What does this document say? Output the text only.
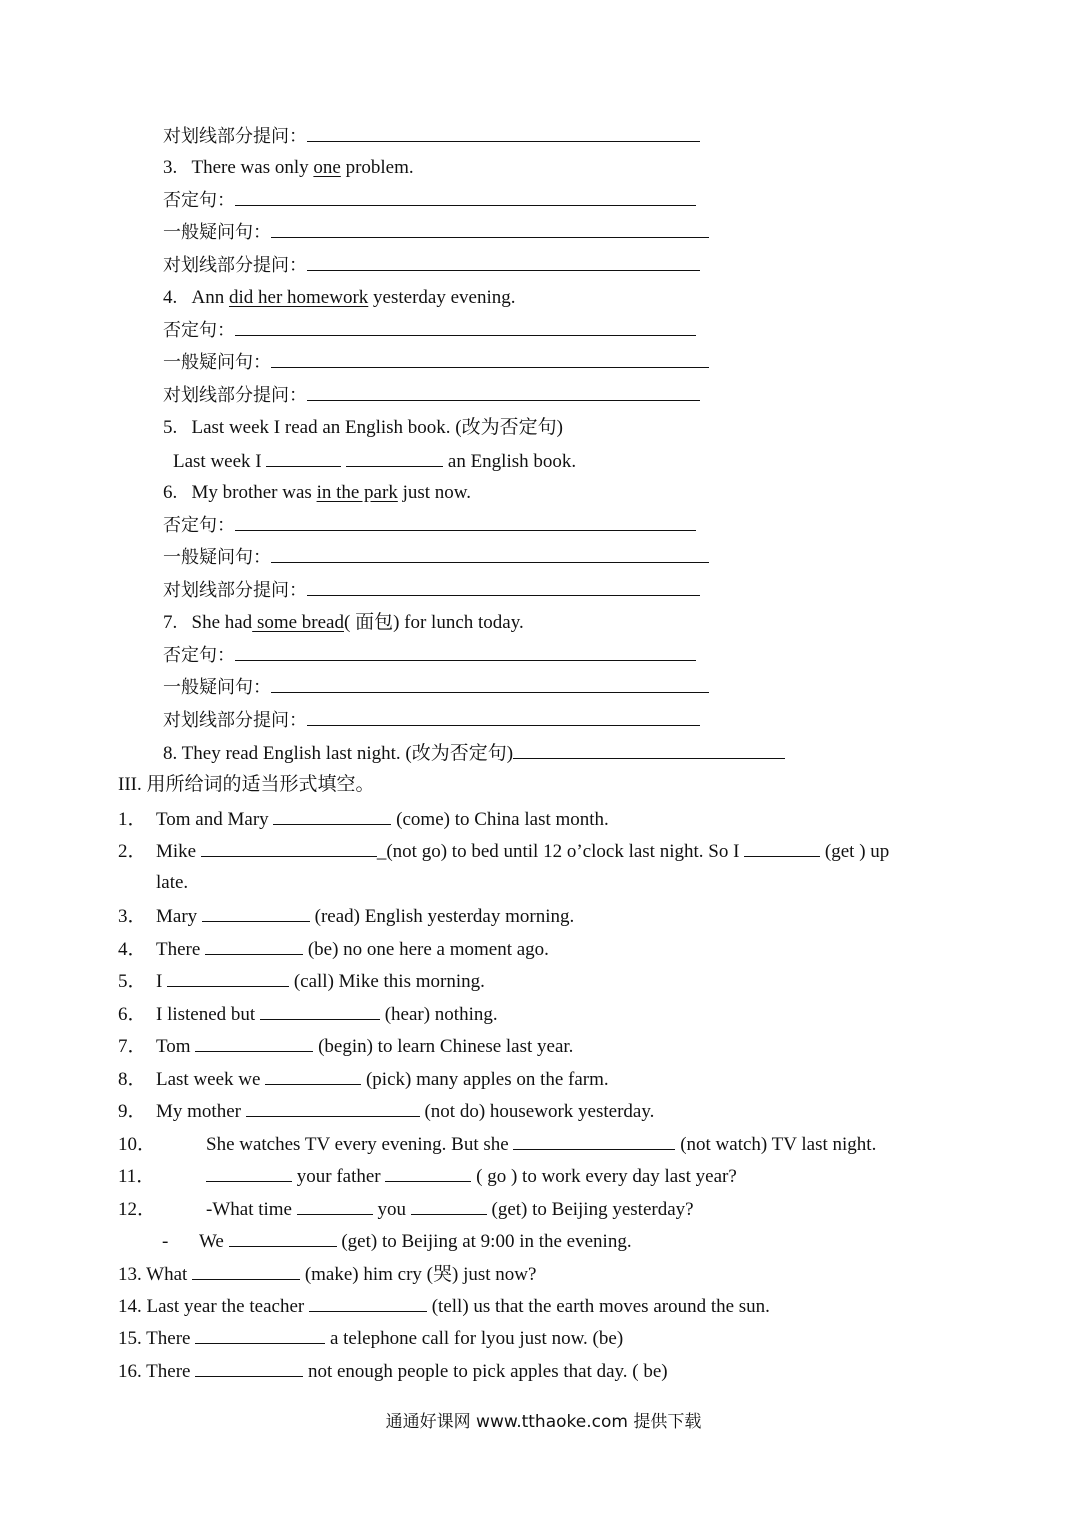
对划线部分提问：
3. There was only one problem.
否定句：
一般疑问句：
对划线部分提问：
4. Ann did her homework yesterday evening.
否定句：
一般疑问句：
对划线部分提问：
5. Last week I read an English book. (改为否定句)
Last week I	an English book.
6. My brother was in the park just now.
否定句：
一般疑问句：
对划线部分提问：
7. She had some bread( 面包) for lunch today.
否定句：
一般疑问句：
对划线部分提问：
8. They read English last night. (改为否定句)
III. 用所给词的适当形式填空。
1． Tom and Mary	(come) to China last month.
2． Mike	_(not go) to bed until 12 o’clock last night. So I	(get ) up
late.
3． Mary	(read) English yesterday morning.
4． There	(be) no one here a moment ago.
5． I	(call) Mike this morning.
6． I listened but	(hear) nothing.
7． Tom	(begin) to learn Chinese last year.
8． Last week we	(pick) many apples on the farm.
9． My mother	(not do) housework yesterday.
10．	She watches TV every evening. But she	(not watch) TV last night.
11．	your father	( go ) to work every day last year?
12．	-What time	you	(get) to Beijing yesterday?
- We	(get) to Beijing at 9:00 in the evening.
13. What	(make) him cry (哭) just now?
14. Last year the teacher	(tell) us that the earth moves around the sun.
15. There	a telephone call for lyou just now. (be)
16. There	not enough people to pick apples that day. ( be)
通通好课网 www.tthaoke.com 提供下载
